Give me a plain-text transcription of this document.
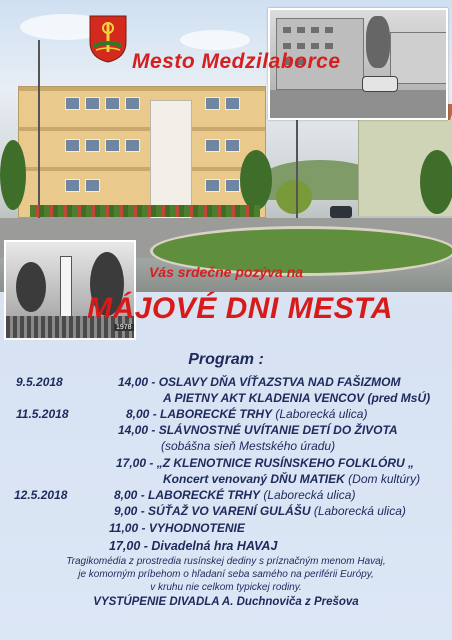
1978
Mesto Medzilaborce
Vás srdečne pozýva na
MÁJOVÉ DNI MESTA
Program :
9.5.2018	14,00 - OSLAVY DŇA VÍŤAZSTVA NAD FAŠIZMOM
A PIETNY AKT KLADENIA VENCOV (pred MsÚ)
11.5.2018	8,00 - LABORECKÉ TRHY (Laborecká ulica)
14,00 - SLÁVNOSTNÉ UVÍTANIE DETÍ DO ŽIVOTA
(sobášna sieň Mestského úradu)
17,00 - „Z KLENOTNICE RUSÍNSKEHO FOLKLÓRU „
Koncert venovaný DŇU MATIEK (Dom kultúry)
12.5.2018	8,00 - LABORECKÉ TRHY (Laborecká ulica)
9,00 - SÚŤAŽ VO VARENÍ GULÁŠU (Laborecká ulica)
11,00 - VYHODNOTENIE
17,00 - Divadelná hra HAVAJ
Tragikomédia z prostredia rusínskej dediny s príznačným menom Havaj,
je komorným príbehom o hľadaní seba samého na periférii Európy,
v kruhu nie celkom typickej rodiny.
VYSTÚPENIE DIVADLA A. Duchnoviča z Prešova
